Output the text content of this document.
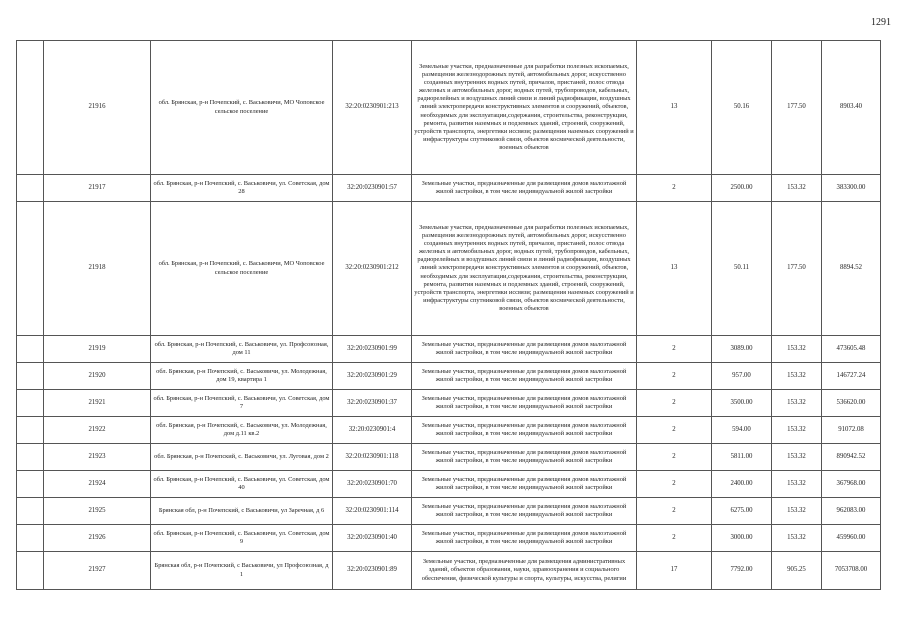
1291
	21916	обл. Брянская, р-н Почепский, с. Васьковичи, МО Чоповское сельское поселение	32:20:0230901:213	Земельные участки, предназначенные для разработки полезных ископаемых, размещения железнодорожных путей, автомобильных дорог, искусственно созданных внутренних водных путей, причалов, пристаней, полос отвода железных и автомобильных дорог, водных путей, трубопроводов, кабельных, радиорелейных и воздушных линий связи и линий радиофикации, воздушных линий электропередачи конструктивных элементов и сооружений, объектов, необходимых для эксплуатации,содержания, строительства, реконструкции, ремонта, развития наземных и подземных зданий, строений, сооружений, устройств транспорта, энергетики иссвязи; размещения наземных сооружений и инфраструктуры спутниковой связи, объектов космической деятельности, военных объектов	13	50.16	177.50	8903.40
	21917	обл. Брянская, р-н Почепский, с. Васьковичи, ул. Советская, дом 28	32:20:0230901:57	Земельные участки, предназначенные для размещения домов малоэтажной жилой застройки, в том числе индивидуальной жилой застройки	2	2500.00	153.32	383300.00
	21918	обл. Брянская, р-н Почепский, с. Васьковичи, МО Чоповское сельское поселение	32:20:0230901:212	Земельные участки, предназначенные для разработки полезных ископаемых, размещения железнодорожных путей, автомобильных дорог, искусственно созданных внутренних водных путей, причалов, пристаней, полос отвода железных и автомобильных дорог, водных путей, трубопроводов, кабельных, радиорелейных и воздушных линий связи и линий радиофикации, воздушных линий электропередачи конструктивных элементов и сооружений, объектов, необходимых для эксплуатации,содержания, строительства, реконструкции, ремонта, развития наземных и подземных зданий, строений, сооружений, устройств транспорта, энергетики иссвязи; размещения наземных сооружений и инфраструктуры спутниковой связи, объектов космической деятельности, военных объектов	13	50.11	177.50	8894.52
	21919	обл. Брянская, р-н Почепский, с. Васьковичи, ул. Профсоюзная, дом 11	32:20:0230901:99	Земельные участки, предназначенные для размещения домов малоэтажной жилой застройки, в том числе индивидуальной жилой застройки	2	3089.00	153.32	473605.48
	21920	обл. Брянская, р-н Почепский, с. Васьковичи, ул. Молодежная, дом 19, квартира 1	32:20:0230901:29	Земельные участки, предназначенные для размещения домов малоэтажной жилой застройки, в том числе индивидуальной жилой застройки	2	957.00	153.32	146727.24
	21921	обл. Брянская, р-н Почепский, с. Васьковичи, ул. Советская, дом 7	32:20:0230901:37	Земельные участки, предназначенные для размещения домов малоэтажной жилой застройки, в том числе индивидуальной жилой застройки	2	3500.00	153.32	536620.00
	21922	обл. Брянская, р-н Почепский, с. Васьковичи, ул. Молодежная, дом д.11 кв.2	32:20:0230901:4	Земельные участки, предназначенные для размещения домов малоэтажной жилой застройки, в том числе индивидуальной жилой застройки	2	594.00	153.32	91072.08
	21923	обл. Брянская, р-н Почепский, с. Васьковичи, ул. Луговая, дом 2	32:20:0230901:118	Земельные участки, предназначенные для размещения домов малоэтажной жилой застройки, в том числе индивидуальной жилой застройки	2	5811.00	153.32	890942.52
	21924	обл. Брянская, р-н Почепский, с. Васьковичи, ул. Советская, дом 40	32:20:0230901:70	Земельные участки, предназначенные для размещения домов малоэтажной жилой застройки, в том числе индивидуальной жилой застройки	2	2400.00	153.32	367968.00
	21925	Брянская обл, р-н Почепский, с Васьковичи, ул Заречная, д 6	32:20:0230901:114	Земельные участки, предназначенные для размещения домов малоэтажной жилой застройки, в том числе индивидуальной жилой застройки	2	6275.00	153.32	962083.00
	21926	обл. Брянская, р-н Почепский, с. Васьковичи, ул. Советская, дом 9	32:20:0230901:40	Земельные участки, предназначенные для размещения домов малоэтажной жилой застройки, в том числе индивидуальной жилой застройки	2	3000.00	153.32	459960.00
	21927	Брянская обл, р-н Почепский, с Васьковичи, ул Профсоюзная, д 1	32:20:0230901:89	Земельные участки, предназначенные для размещения административных зданий, объектов образования, науки, здравоохранения и социального обеспечения, физической культуры и спорта, культуры, искусства, религии	17	7792.00	905.25	7053708.00
